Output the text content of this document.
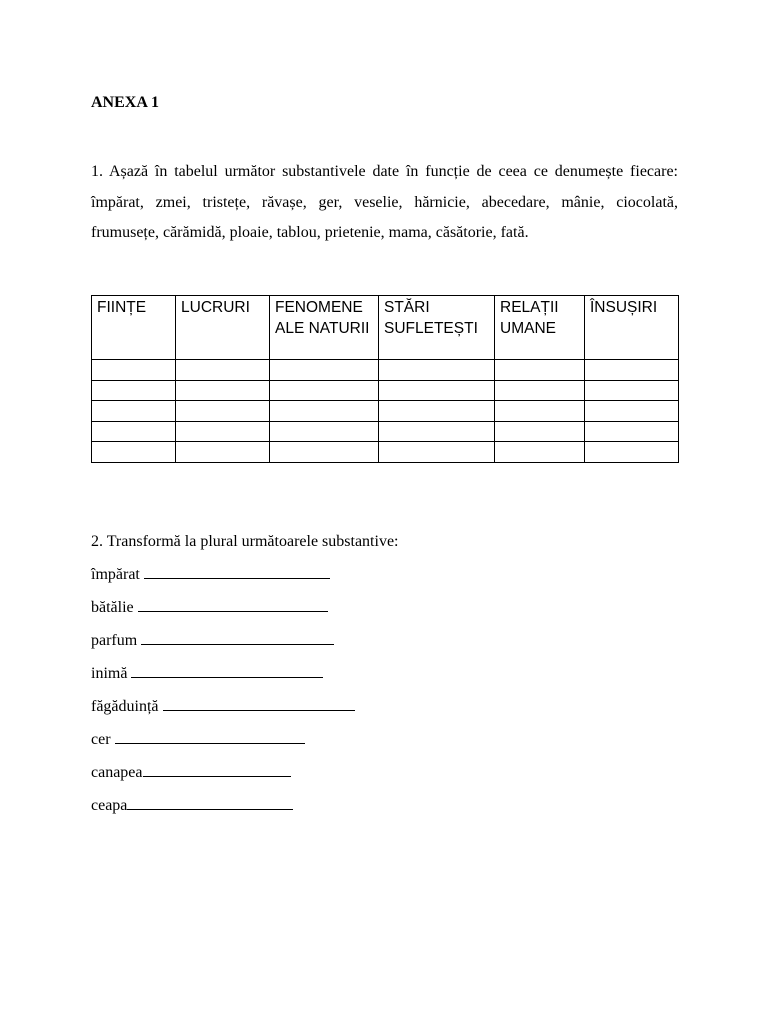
ANEXA 1

1. Așază în tabelul următor substantivele date în funcție de ceea ce denumește fiecare: împărat, zmei, tristețe, răvașe, ger, veselie, hărnicie, abecedare, mânie, ciocolată, frumusețe, cărămidă, ploaie, tablou, prietenie, mama, căsătorie, fată.

FIINȚE	LUCRURI	FENOMENE ALE NATURII	STĂRI SUFLETEȘTI	RELAȚII UMANE	ÎNSUȘIRI

2. Transformă la plural următoarele substantive:

împărat

bătălie

parfum

inimă

făgăduință

cer

canapea

ceapa
